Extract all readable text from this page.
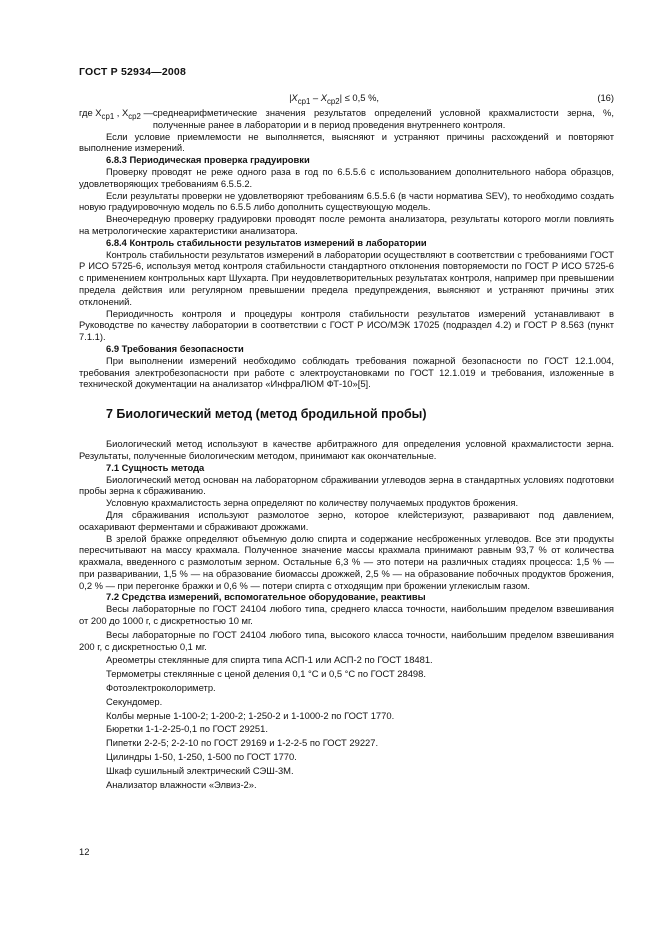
ГОСТ Р 52934—2008
$|X_{ср1} - X_{ср2}| \le 0,5$ %,	(16)
где $X_{ср1}$ , $X_{ср2}$ — среднеарифметические значения результатов определений условной крахмалистости зерна, %, полученные ранее в лаборатории и в период проведения внутреннего контроля.

Если условие приемлемости не выполняется, выясняют и устраняют причины расхождений и повторяют выполнение измерений.

6.8.3 Периодическая проверка градуировки

Проверку проводят не реже одного раза в год по 6.5.5.6 с использованием дополнительного набора образцов, удовлетворяющих требованиям 6.5.5.2.

Если результаты проверки не удовлетворяют требованиям 6.5.5.6 (в части норматива SEV), то необходимо создать новую градуировочную модель по 6.5.5 либо дополнить существующую модель.

Внеочередную проверку градуировки проводят после ремонта анализатора, результаты которого могли повлиять на метрологические характеристики анализатора.

6.8.4 Контроль стабильности результатов измерений в лаборатории

Контроль стабильности результатов измерений в лаборатории осуществляют в соответствии с требованиями ГОСТ Р ИСО 5725-6, используя метод контроля стабильности стандартного отклонения повторяемости по ГОСТ Р ИСО 5725-6 с применением контрольных карт Шухарта. При неудовлетворительных результатах контроля, например при превышении предела действия или регулярном превышении предела предупреждения, выясняют и устраняют причины этих отклонений.

Периодичность контроля и процедуры контроля стабильности результатов измерений устанавливают в Руководстве по качеству лаборатории в соответствии с ГОСТ Р ИСО/МЭК 17025 (подраздел 4.2) и ГОСТ Р 8.563 (пункт 7.1.1).

6.9 Требования безопасности

При выполнении измерений необходимо соблюдать требования пожарной безопасности по ГОСТ 12.1.004, требования электробезопасности при работе с электроустановками по ГОСТ 12.1.019 и требования, изложенные в технической документации на анализатор «ИнфраЛЮМ ФТ-10»[5].

7 Биологический метод (метод бродильной пробы)

Биологический метод используют в качестве арбитражного для определения условной крахмалистости зерна. Результаты, полученные биологическим методом, принимают как окончательные.

7.1 Сущность метода

Биологический метод основан на лабораторном сбраживании углеводов зерна в стандартных условиях подготовки пробы зерна к сбраживанию.

Условную крахмалистость зерна определяют по количеству получаемых продуктов брожения.

Для сбраживания используют размолотое зерно, которое клейстеризуют, разваривают под давлением, осахаривают ферментами и сбраживают дрожжами.

В зрелой бражке определяют объемную долю спирта и содержание несброженных углеводов. Все эти продукты пересчитывают на массу крахмала. Полученное значение массы крахмала принимают равным 93,7 % от количества крахмала, введенного с размолотым зерном. Остальные 6,3 % — это потери на различных стадиях процесса: 1,5 % — при разваривании, 1,5 % — на образование биомассы дрожжей, 2,5 % — на образование побочных продуктов брожения, 0,2 % — при перегонке бражки и 0,6 % — потери спирта с отходящим при брожении углекислым газом.

7.2 Средства измерений, вспомогательное оборудование, реактивы

Весы лабораторные по ГОСТ 24104 любого типа, среднего класса точности, наибольшим пределом взвешивания от 200 до 1000 г, с дискретностью 10 мг.

Весы лабораторные по ГОСТ 24104 любого типа, высокого класса точности, наибольшим пределом взвешивания 200 г, с дискретностью 0,1 мг.

Ареометры стеклянные для спирта типа АСП-1 или АСП-2 по ГОСТ 18481.
Термометры стеклянные с ценой деления 0,1 °С и 0,5 °С по ГОСТ 28498.
Фотоэлектроколориметр.
Секундомер.
Колбы мерные 1-100-2; 1-200-2; 1-250-2 и 1-1000-2 по ГОСТ 1770.
Бюретки 1-1-2-25-0,1 по ГОСТ 29251.
Пипетки 2-2-5; 2-2-10 по ГОСТ 29169 и 1-2-2-5 по ГОСТ 29227.
Цилиндры 1-50, 1-250, 1-500 по ГОСТ 1770.
Шкаф сушильный электрический СЭШ-3М.
Анализатор влажности «Элвиз-2».
12
